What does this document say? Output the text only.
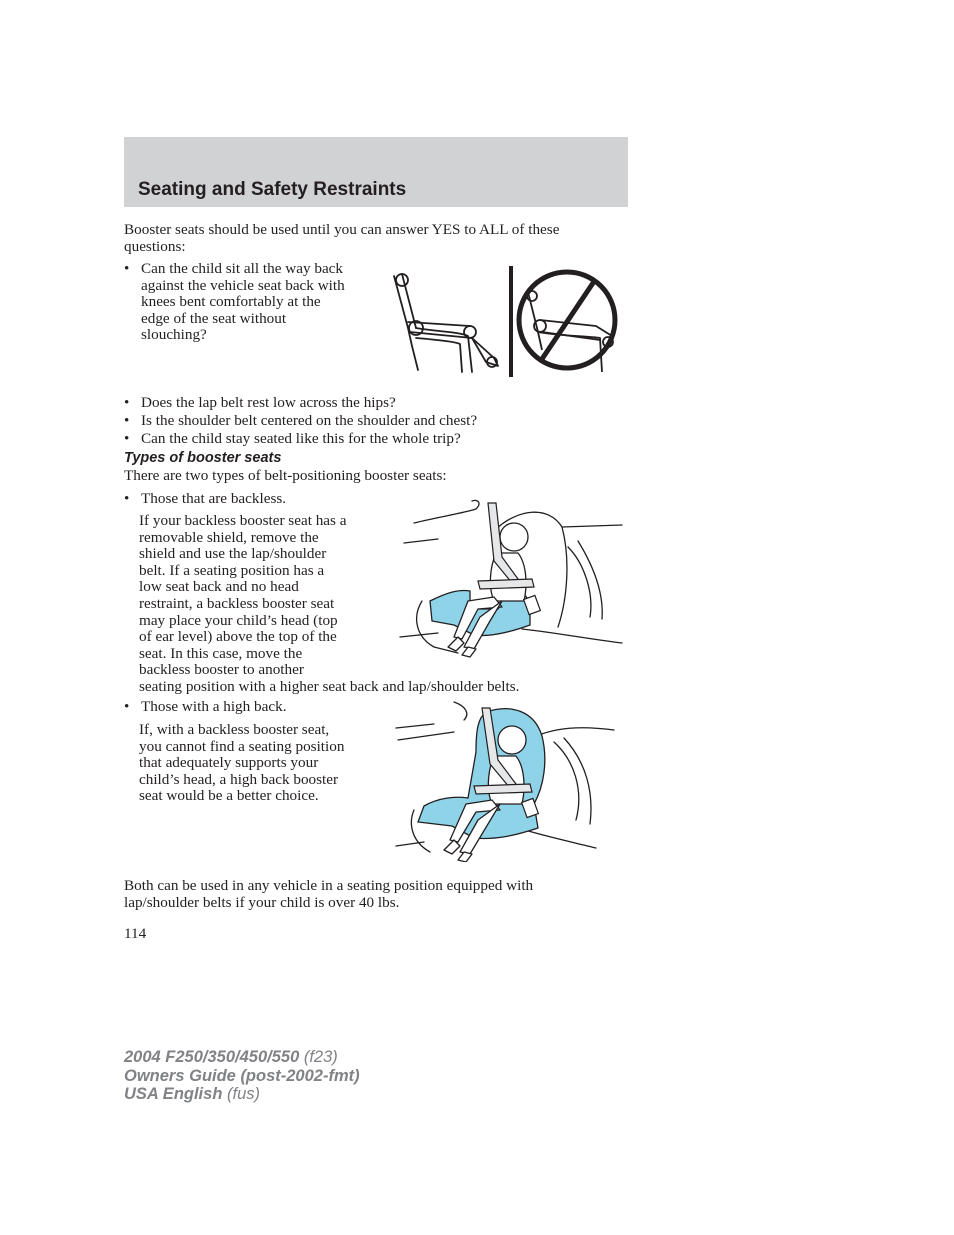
Seating and Safety Restraints
Booster seats should be used until you can answer YES to ALL of these
questions:
• Can the child sit all the way back
against the vehicle seat back with
knees bent comfortably at the
edge of the seat without
slouching?
• Does the lap belt rest low across the hips?
• Is the shoulder belt centered on the shoulder and chest?
• Can the child stay seated like this for the whole trip?
Types of booster seats
There are two types of belt-positioning booster seats:
• Those that are backless.
If your backless booster seat has a
removable shield, remove the
shield and use the lap/shoulder
belt. If a seating position has a
low seat back and no head
restraint, a backless booster seat
may place your child’s head (top
of ear level) above the top of the
seat. In this case, move the
backless booster to another
seating position with a higher seat back and lap/shoulder belts.
• Those with a high back.
If, with a backless booster seat,
you cannot find a seating position
that adequately supports your
child’s head, a high back booster
seat would be a better choice.
Both can be used in any vehicle in a seating position equipped with
lap/shoulder belts if your child is over 40 lbs.
114
2004 F250/350/450/550 (f23)
Owners Guide (post-2002-fmt)
USA English (fus)
